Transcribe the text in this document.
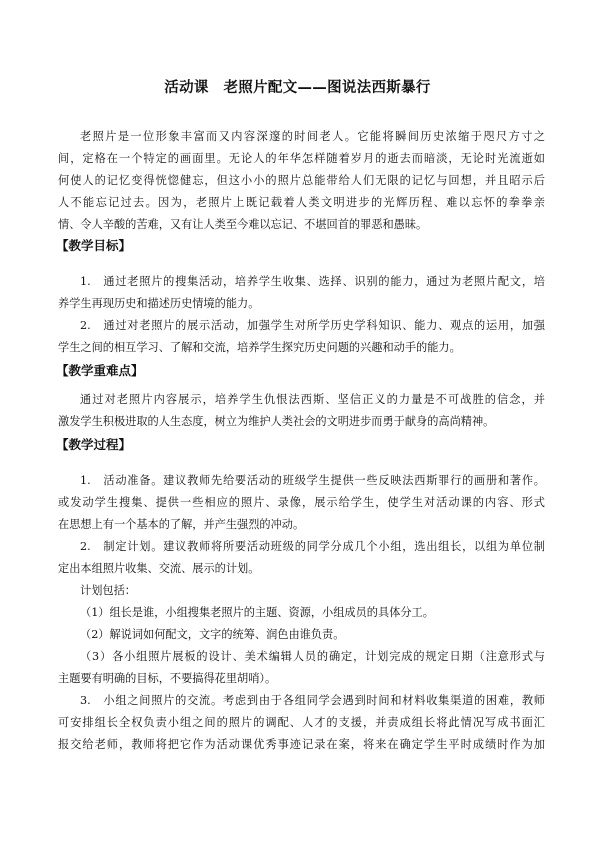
活动课　老照片配文——图说法西斯暴行
老照片是一位形象丰富而又内容深邃的时间老人。它能将瞬间历史浓缩于咫尺方寸之
间，定格在一个特定的画面里。无论人的年华怎样随着岁月的逝去而暗淡，无论时光流逝如
何使人的记忆变得恍惚健忘，但这小小的照片总能带给人们无限的记忆与回想，并且昭示后
人不能忘记过去。因为，老照片上既记载着人类文明进步的光辉历程、难以忘怀的拳拳亲
情、令人辛酸的苦难，又有让人类至今难以忘记、不堪回首的罪恶和愚昧。
【教学目标】
1.　通过老照片的搜集活动，培养学生收集、选择、识别的能力，通过为老照片配文，培
养学生再现历史和描述历史情境的能力。
2.　通过对老照片的展示活动，加强学生对所学历史学科知识、能力、观点的运用，加强
学生之间的相互学习、了解和交流，培养学生探究历史问题的兴趣和动手的能力。
【教学重难点】
通过对老照片内容展示，培养学生仇恨法西斯、坚信正义的力量是不可战胜的信念，并
激发学生积极进取的人生态度，树立为维护人类社会的文明进步而勇于献身的高尚精神。
【教学过程】
1.　活动准备。建议教师先给要活动的班级学生提供一些反映法西斯罪行的画册和著作。
或发动学生搜集、提供一些相应的照片、录像，展示给学生，使学生对活动课的内容、形式
在思想上有一个基本的了解，并产生强烈的冲动。
2.　制定计划。建议教师将所要活动班级的同学分成几个小组，选出组长，以组为单位制
定出本组照片收集、交流、展示的计划。
计划包括：
（1）组长是谁，小组搜集老照片的主题、资源，小组成员的具体分工。
（2）解说词如何配文，文字的统筹、润色由谁负责。
（3）各小组照片展板的设计、美术编辑人员的确定，计划完成的规定日期（注意形式与
主题要有明确的目标，不要搞得花里胡哨）。
3.　小组之间照片的交流。考虑到由于各组同学会遇到时间和材料收集渠道的困难，教师
可安排组长全权负责小组之间的照片的调配、人才的支援，并责成组长将此情况写成书面汇
报交给老师，教师将把它作为活动课优秀事迹记录在案，将来在确定学生平时成绩时作为加
